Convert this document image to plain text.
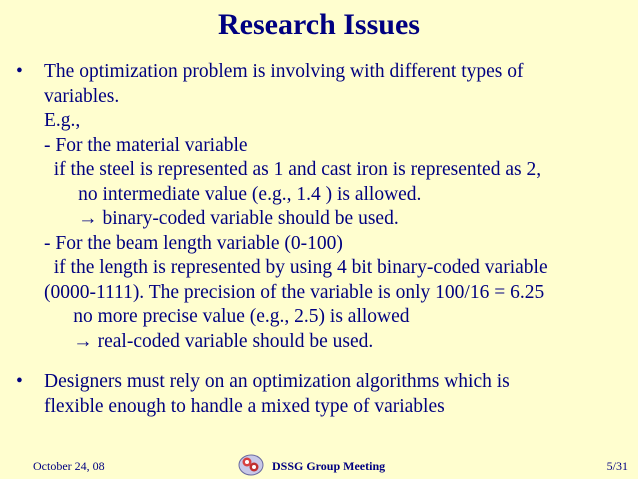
Research Issues
•	The optimization problem is involving with different types of
variables.
E.g.,
- For the material variable
if the steel is represented as 1 and cast iron is represented as 2,
no intermediate value (e.g., 1.4 ) is allowed.
→ binary-coded variable should be used.
- For the beam length variable (0-100)
if the length is represented by using 4 bit binary-coded variable
(0000-1111). The precision of the variable is only 100/16 = 6.25
no more precise value (e.g., 2.5) is allowed
→ real-coded variable should be used.
•	Designers must rely on an optimization algorithms which is
flexible enough to handle a mixed type of variables
October 24, 08	DSSG Group Meeting	5/31
